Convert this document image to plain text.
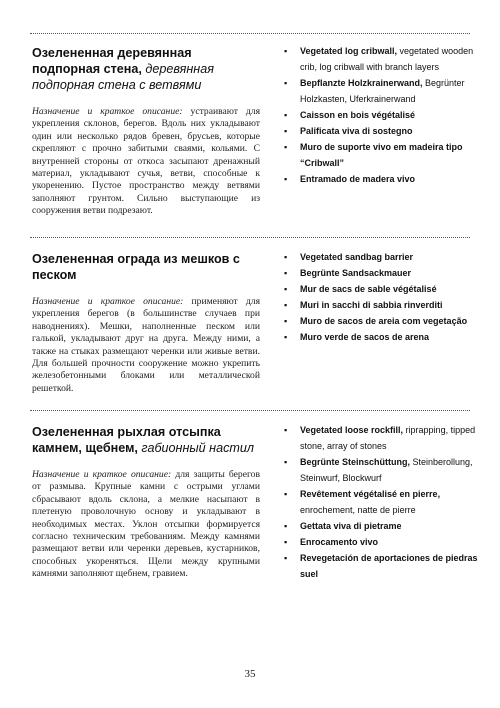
Озелененная деревянная подпорная стена, деревянная подпорная стена с ветвями

Назначение и краткое описание: устраивают для укрепления склонов, берегов. Вдоль них укладывают один или несколько рядов бревен, брусьев, которые скрепляют с прочно забитыми сваями, кольями. С внутренней стороны от откоса засыпают дренажный материал, укладывают сучья, ветви, способные к укоренению. Пустое пространство между ветвями заполняют грунтом. Сильно выступающие из сооружения ветви подрезают.

▪ Vegetated log cribwall, vegetated wooden crib, log cribwall with branch layers
▪ Bepflanzte Holzkrainerwand, Begrünter Holzkasten, Uferkrainerwand
▪ Caisson en bois végétalisé
▪ Palificata viva di sostegno
▪ Muro de suporte vivo em madeira tipo “Cribwall”
▪ Entramado de madera vivo

Озелененная ограда из мешков с песком

Назначение и краткое описание: применяют для укрепления берегов (в большинстве случаев при наводнениях). Мешки, наполненные песком или галькой, укладывают друг на друга. Между ними, а также на стыках размещают черенки или живые ветви. Для большей прочности сооружение можно укрепить железобетонными блоками или металлической решеткой.

▪ Vegetated sandbag barrier
▪ Begrünte Sandsackmauer
▪ Mur de sacs de sable végétalisé
▪ Muri in sacchi di sabbia rinverditi
▪ Muro de sacos de areia com vegetação
▪ Muro verde de sacos de arena

Озелененная рыхлая отсыпка камнем, щебнем, габионный настил

Назначение и краткое описание: для защиты берегов от размыва. Крупные камни с острыми углами сбрасывают вдоль склона, а мелкие насыпают в плетеную проволочную основу и укладывают в необходимых местах. Уклон отсыпки формируется согласно техническим требованиям. Между камнями размещают ветви или черенки деревьев, кустарников, способных укореняться. Щели между крупными камнями заполняют щебнем, гравием.

▪ Vegetated loose rockfill, riprapping, tipped stone, array of stones
▪ Begrünte Steinschüttung, Steinberollung, Steinwurf, Blockwurf
▪ Revêtement végétalisé en pierre, enrochement, natte de pierre
▪ Gettata viva di pietrame
▪ Enrocamento vivo
▪ Revegetación de aportaciones de piedras suel
35
